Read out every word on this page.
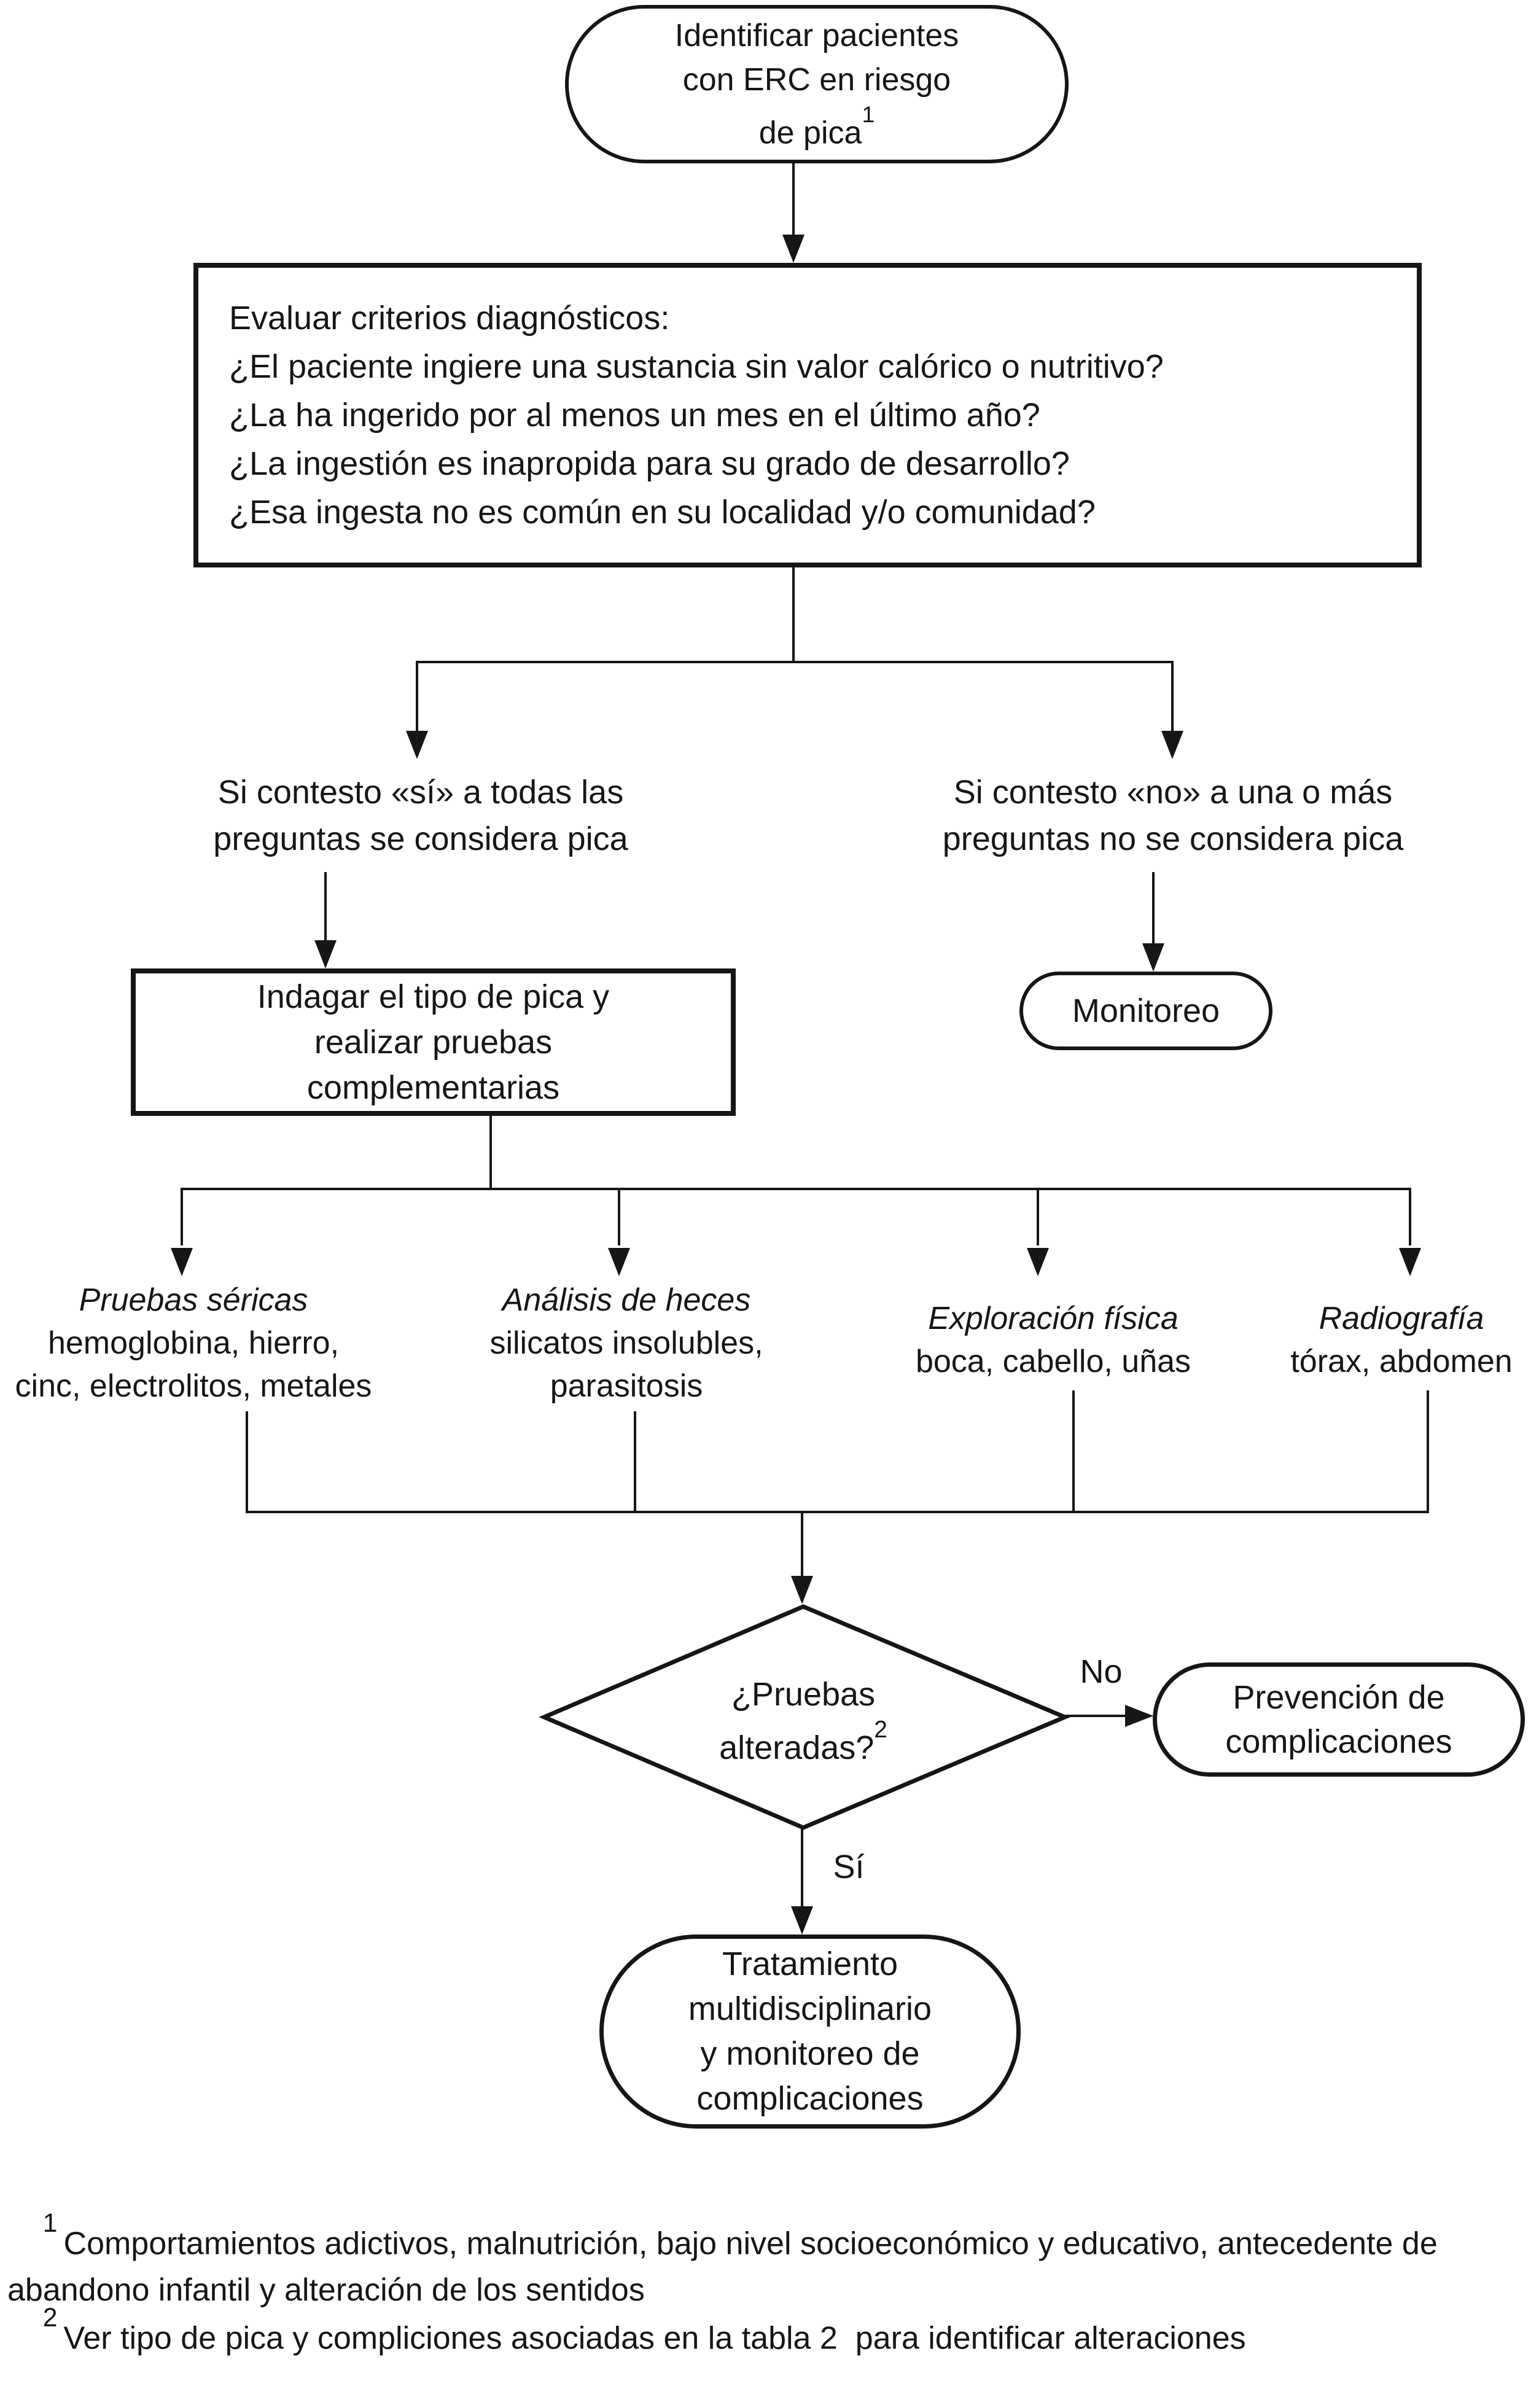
Identificar pacientes
con ERC en riesgo
de pica$^1$
Evaluar criterios diagnósticos:
¿El paciente ingiere una sustancia sin valor calórico o nutritivo?
¿La ha ingerido por al menos un mes en el último año?
¿La ingestión es inapropida para su grado de desarrollo?
¿Esa ingesta no es común en su localidad y/o comunidad?
Si contesto «sí» a todas las
preguntas se considera pica
Si contesto «no» a una o más
preguntas no se considera pica
Indagar el tipo de pica y
realizar pruebas
complementarias
Monitoreo
Pruebas séricas
hemoglobina, hierro,
cinc, electrolitos, metales
Análisis de heces
silicatos insolubles,
parasitosis
Exploración física
boca, cabello, uñas
Radiografía
tórax, abdomen
¿Pruebas
alteradas?$^2$
No
Prevención de
complicaciones
Sí
Tratamiento
multidisciplinario
y monitoreo de
complicaciones

$^1$Comportamientos adictivos, malnutrición, bajo nivel socioeconómico y educativo, antecedente de abandono infantil y alteración de los sentidos

$^2$Ver tipo de pica y compliciones asociadas en la tabla 2  para identificar alteraciones
